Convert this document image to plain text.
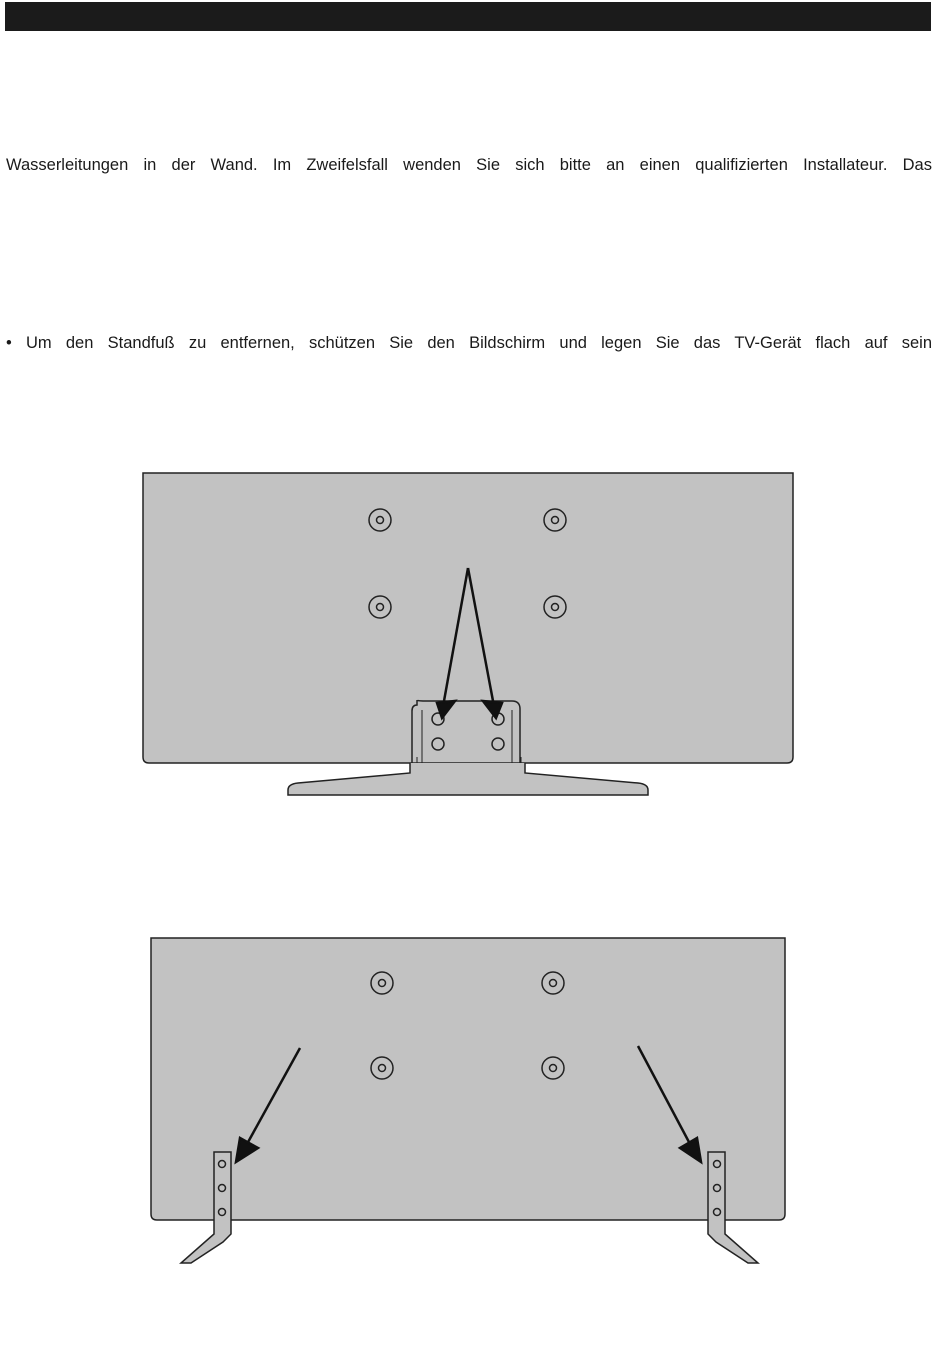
Wasserleitungen in der Wand. Im Zweifelsfall wenden Sie sich bitte an einen qualifizierten Installateur. Das
• Um den Standfuß zu entfernen, schützen Sie den Bildschirm und legen Sie das TV-Gerät flach auf sein
